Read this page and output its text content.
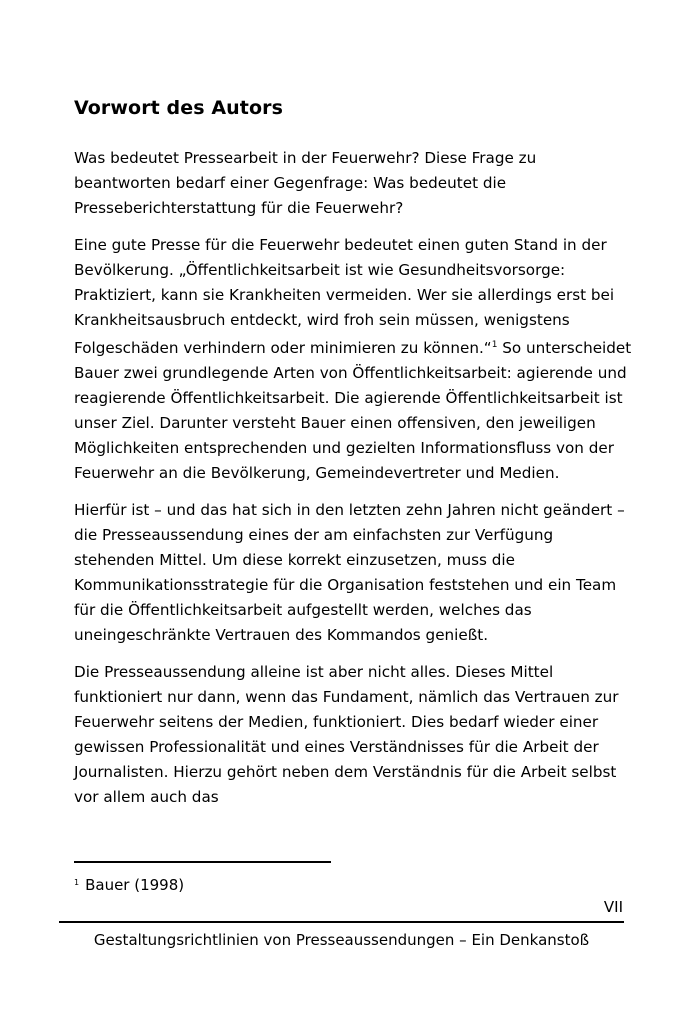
Vorwort des Autors

Was bedeutet Pressearbeit in der Feuerwehr? Diese Frage zu beantworten bedarf einer Gegenfrage: Was bedeutet die Presseberichterstattung für die Feuerwehr?

Eine gute Presse für die Feuerwehr bedeutet einen guten Stand in der Bevölkerung. „Öffentlichkeitsarbeit ist wie Gesundheitsvorsorge: Praktiziert, kann sie Krankheiten vermeiden. Wer sie allerdings erst bei Krankheitsausbruch entdeckt, wird froh sein müssen, wenigstens Folgeschäden verhindern oder minimieren zu können.“$^1$ So unterscheidet Bauer zwei grundlegende Arten von Öffentlichkeitsarbeit: agierende und reagierende Öffentlichkeitsarbeit. Die agierende Öffentlichkeitsarbeit ist unser Ziel. Darunter versteht Bauer einen offensiven, den jeweiligen Möglichkeiten entsprechenden und gezielten Informationsfluss von der Feuerwehr an die Bevölkerung, Gemeindevertreter und Medien.

Hierfür ist – und das hat sich in den letzten zehn Jahren nicht geändert – die Presseaussendung eines der am einfachsten zur Verfügung stehenden Mittel. Um diese korrekt einzusetzen, muss die Kommunikationsstrategie für die Organisation feststehen und ein Team für die Öffentlichkeitsarbeit aufgestellt werden, welches das uneingeschränkte Vertrauen des Kommandos genießt.

Die Presseaussendung alleine ist aber nicht alles. Dieses Mittel funktioniert nur dann, wenn das Fundament, nämlich das Vertrauen zur Feuerwehr seitens der Medien, funktioniert. Dies bedarf wieder einer gewissen Professionalität und eines Verständnisses für die Arbeit der Journalisten. Hierzu gehört neben dem Verständnis für die Arbeit selbst vor allem auch das

$^1$ Bauer (1998)
VII
Gestaltungsrichtlinien von Presseaussendungen – Ein Denkanstoß
